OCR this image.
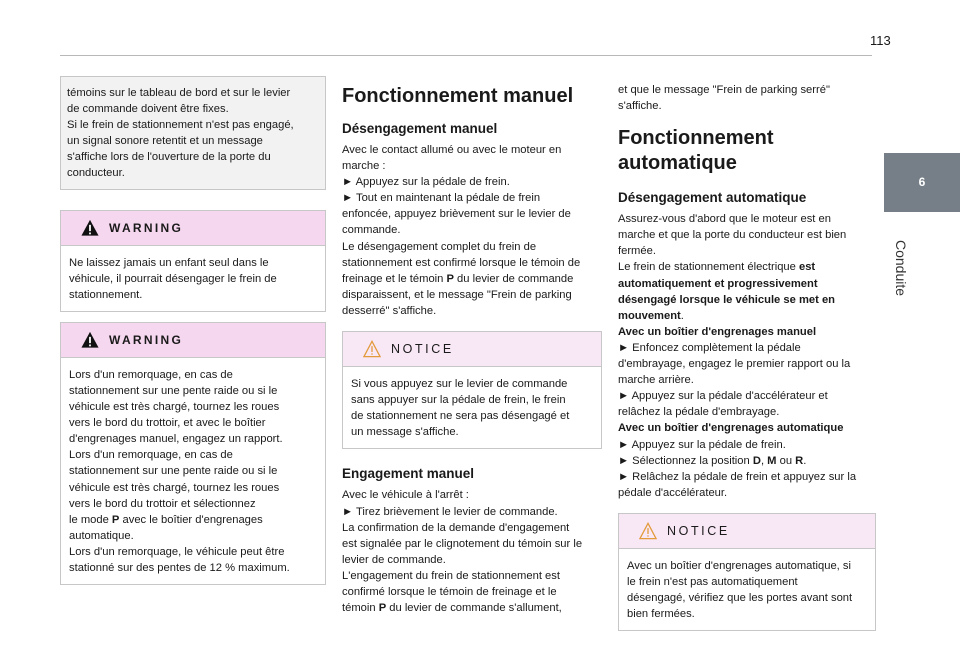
113
6
Conduite

témoins sur le tableau de bord et sur le levier

de commande doivent être fixes.

Si le frein de stationnement n'est pas engagé,

un signal sonore retentit et un message

s'affiche lors de l'ouverture de la porte du

conducteur.

WARNING

Ne laissez jamais un enfant seul dans le

véhicule, il pourrait désengager le frein de

stationnement.

WARNING

Lors d'un remorquage, en cas de

stationnement sur une pente raide ou si le

véhicule est très chargé, tournez les roues

vers le bord du trottoir, et avec le boîtier

d'engrenages manuel, engagez un rapport.

Lors d'un remorquage, en cas de

stationnement sur une pente raide ou si le

véhicule est très chargé, tournez les roues

vers le bord du trottoir et sélectionnez

le mode P avec le boîtier d'engrenages

automatique.

Lors d'un remorquage, le véhicule peut être

stationné sur des pentes de 12 % maximum.

Fonctionnement manuel
Désengagement manuel

Avec le contact allumé ou avec le moteur en

marche :

► Appuyez sur la pédale de frein.

► Tout en maintenant la pédale de frein

enfoncée, appuyez brièvement sur le levier de

commande.

Le désengagement complet du frein de

stationnement est confirmé lorsque le témoin de

freinage et le témoin P du levier de commande

disparaissent, et le message "Frein de parking

desserré" s'affiche.

NOTICE

Si vous appuyez sur le levier de commande

sans appuyer sur la pédale de frein, le frein

de stationnement ne sera pas désengagé et

un message s'affiche.

Engagement manuel

Avec le véhicule à l'arrêt :

► Tirez brièvement le levier de commande.

La confirmation de la demande d'engagement

est signalée par le clignotement du témoin sur le

levier de commande.

L'engagement du frein de stationnement est

confirmé lorsque le témoin de freinage et le

témoin P du levier de commande s'allument,

et que le message "Frein de parking serré"

s'affiche.

Fonctionnement
automatique
Désengagement automatique

Assurez-vous d'abord que le moteur est en

marche et que la porte du conducteur est bien

fermée.

Le frein de stationnement électrique est

automatiquement et progressivement

désengagé lorsque le véhicule se met en

mouvement.

Avec un boîtier d'engrenages manuel

► Enfoncez complètement la pédale

d'embrayage, engagez le premier rapport ou la

marche arrière.

► Appuyez sur la pédale d'accélérateur et

relâchez la pédale d'embrayage.

Avec un boîtier d'engrenages automatique

► Appuyez sur la pédale de frein.

► Sélectionnez la position D, M ou R.

► Relâchez la pédale de frein et appuyez sur la

pédale d'accélérateur.

NOTICE

Avec un boîtier d'engrenages automatique, si

le frein n'est pas automatiquement

désengagé, vérifiez que les portes avant sont

bien fermées.
